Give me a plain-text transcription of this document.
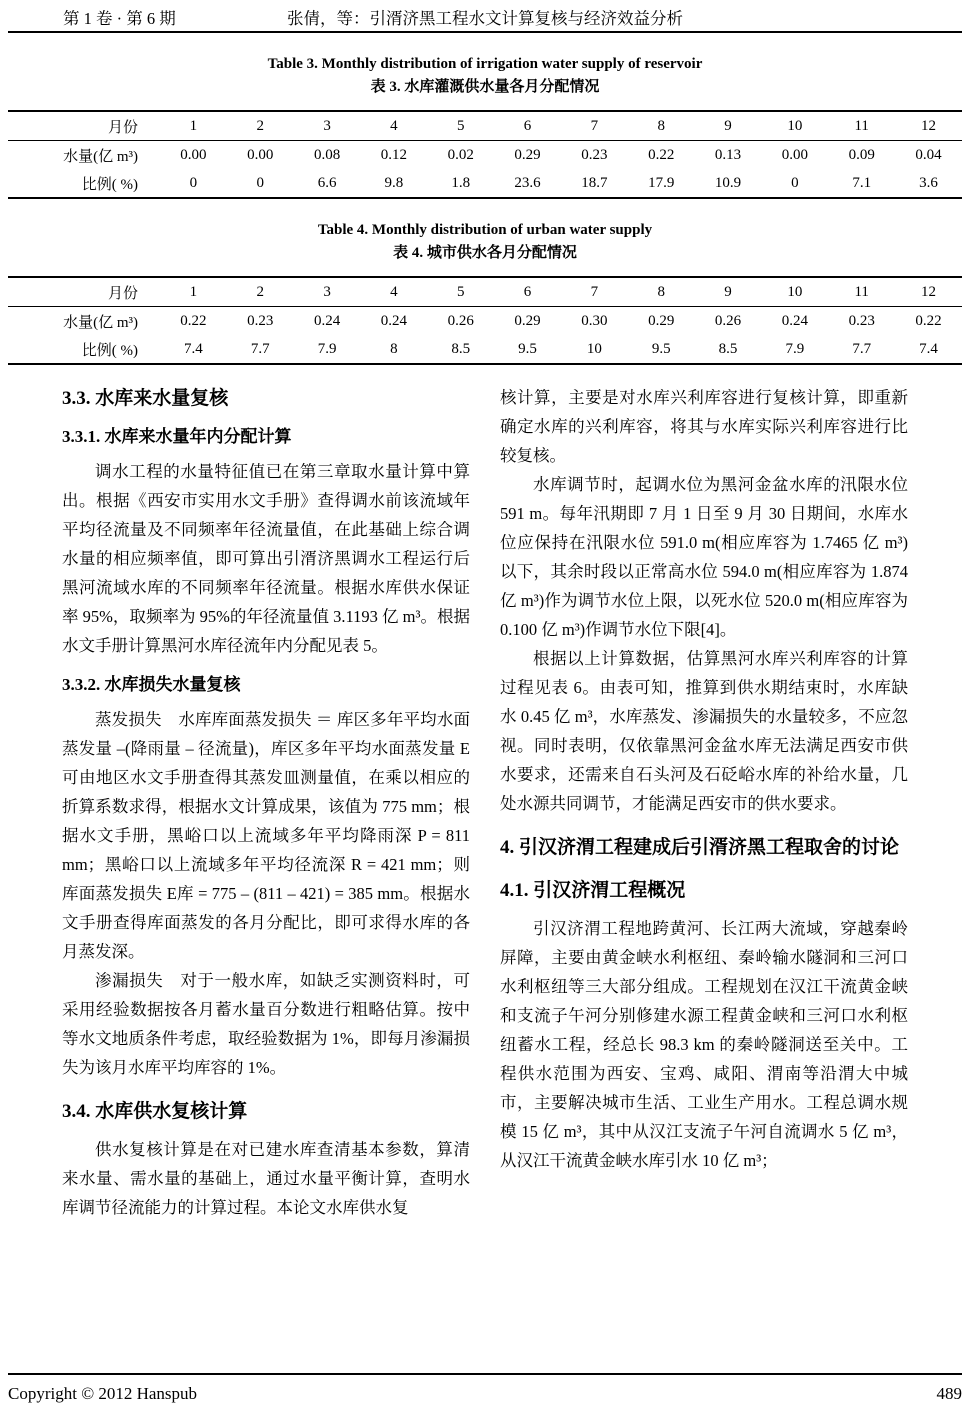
第 1 卷 · 第 6 期	张倩，等：引湑济黑工程水文计算复核与经济效益分析
Table 3. Monthly distribution of irrigation water supply of reservoir
表 3. 水库灌溉供水量各月分配情况
月份	1	2	3	4	5	6	7	8	9	10	11	12
水量(亿 m³)	0.00	0.00	0.08	0.12	0.02	0.29	0.23	0.22	0.13	0.00	0.09	0.04
比例( %)	0	0	6.6	9.8	1.8	23.6	18.7	17.9	10.9	0	7.1	3.6
Table 4. Monthly distribution of urban water supply
表 4. 城市供水各月分配情况
月份	1	2	3	4	5	6	7	8	9	10	11	12
水量(亿 m³)	0.22	0.23	0.24	0.24	0.26	0.29	0.30	0.29	0.26	0.24	0.23	0.22
比例( %)	7.4	7.7	7.9	8	8.5	9.5	10	9.5	8.5	7.9	7.7	7.4
3.3. 水库来水量复核
3.3.1. 水库来水量年内分配计算

调水工程的水量特征值已在第三章取水量计算中算出。根据《西安市实用水文手册》查得调水前该流域年平均径流量及不同频率年径流量值，在此基础上综合调水量的相应频率值，即可算出引湑济黑调水工程运行后黑河流域水库的不同频率年径流量。根据水库供水保证率 95%，取频率为 95%的年径流量值 3.1193 亿 m³。根据水文手册计算黑河水库径流年内分配见表 5。

3.3.2. 水库损失水量复核

蒸发损失　水库库面蒸发损失 ＝ 库区多年平均水面蒸发量 –(降雨量 – 径流量)，库区多年平均水面蒸发量 E 可由地区水文手册查得其蒸发皿测量值，在乘以相应的折算系数求得，根据水文计算成果，该值为 775 mm；根据水文手册，黑峪口以上流域多年平均降雨深 P = 811 mm；黑峪口以上流域多年平均径流深 R = 421 mm；则库面蒸发损失 E库 = 775 – (811 – 421) = 385 mm。根据水文手册查得库面蒸发的各月分配比，即可求得水库的各月蒸发深。

渗漏损失　对于一般水库，如缺乏实测资料时，可采用经验数据按各月蓄水量百分数进行粗略估算。按中等水文地质条件考虑，取经验数据为 1%，即每月渗漏损失为该月水库平均库容的 1%。

3.4. 水库供水复核计算

供水复核计算是在对已建水库查清基本参数，算清来水量、需水量的基础上，通过水量平衡计算，查明水库调节径流能力的计算过程。本论文水库供水复

核计算，主要是对水库兴利库容进行复核计算，即重新确定水库的兴利库容，将其与水库实际兴利库容进行比较复核。

水库调节时，起调水位为黑河金盆水库的汛限水位 591 m。每年汛期即 7 月 1 日至 9 月 30 日期间，水库水位应保持在汛限水位 591.0 m(相应库容为 1.7465 亿 m³)以下，其余时段以正常高水位 594.0 m(相应库容为 1.874 亿 m³)作为调节水位上限，以死水位 520.0 m(相应库容为 0.100 亿 m³)作调节水位下限[4]。

根据以上计算数据，估算黑河水库兴利库容的计算过程见表 6。由表可知，推算到供水期结束时，水库缺水 0.45 亿 m³，水库蒸发、渗漏损失的水量较多，不应忽视。同时表明，仅依靠黑河金盆水库无法满足西安市供水要求，还需来自石头河及石砭峪水库的补给水量，几处水源共同调节，才能满足西安市的供水要求。

4. 引汉济渭工程建成后引湑济黑工程取舍的讨论
4.1. 引汉济渭工程概况

引汉济渭工程地跨黄河、长江两大流域，穿越秦岭屏障，主要由黄金峡水利枢纽、秦岭输水隧洞和三河口水利枢纽等三大部分组成。工程规划在汉江干流黄金峡和支流子午河分别修建水源工程黄金峡和三河口水利枢纽蓄水工程，经总长 98.3 km 的秦岭隧洞送至关中。工程供水范围为西安、宝鸡、咸阳、渭南等沿渭大中城市，主要解决城市生活、工业生产用水。工程总调水规模 15 亿 m³，其中从汉江支流子午河自流调水 5 亿 m³，从汉江干流黄金峡水库引水 10 亿 m³；

Copyright © 2012 Hanspub	489
